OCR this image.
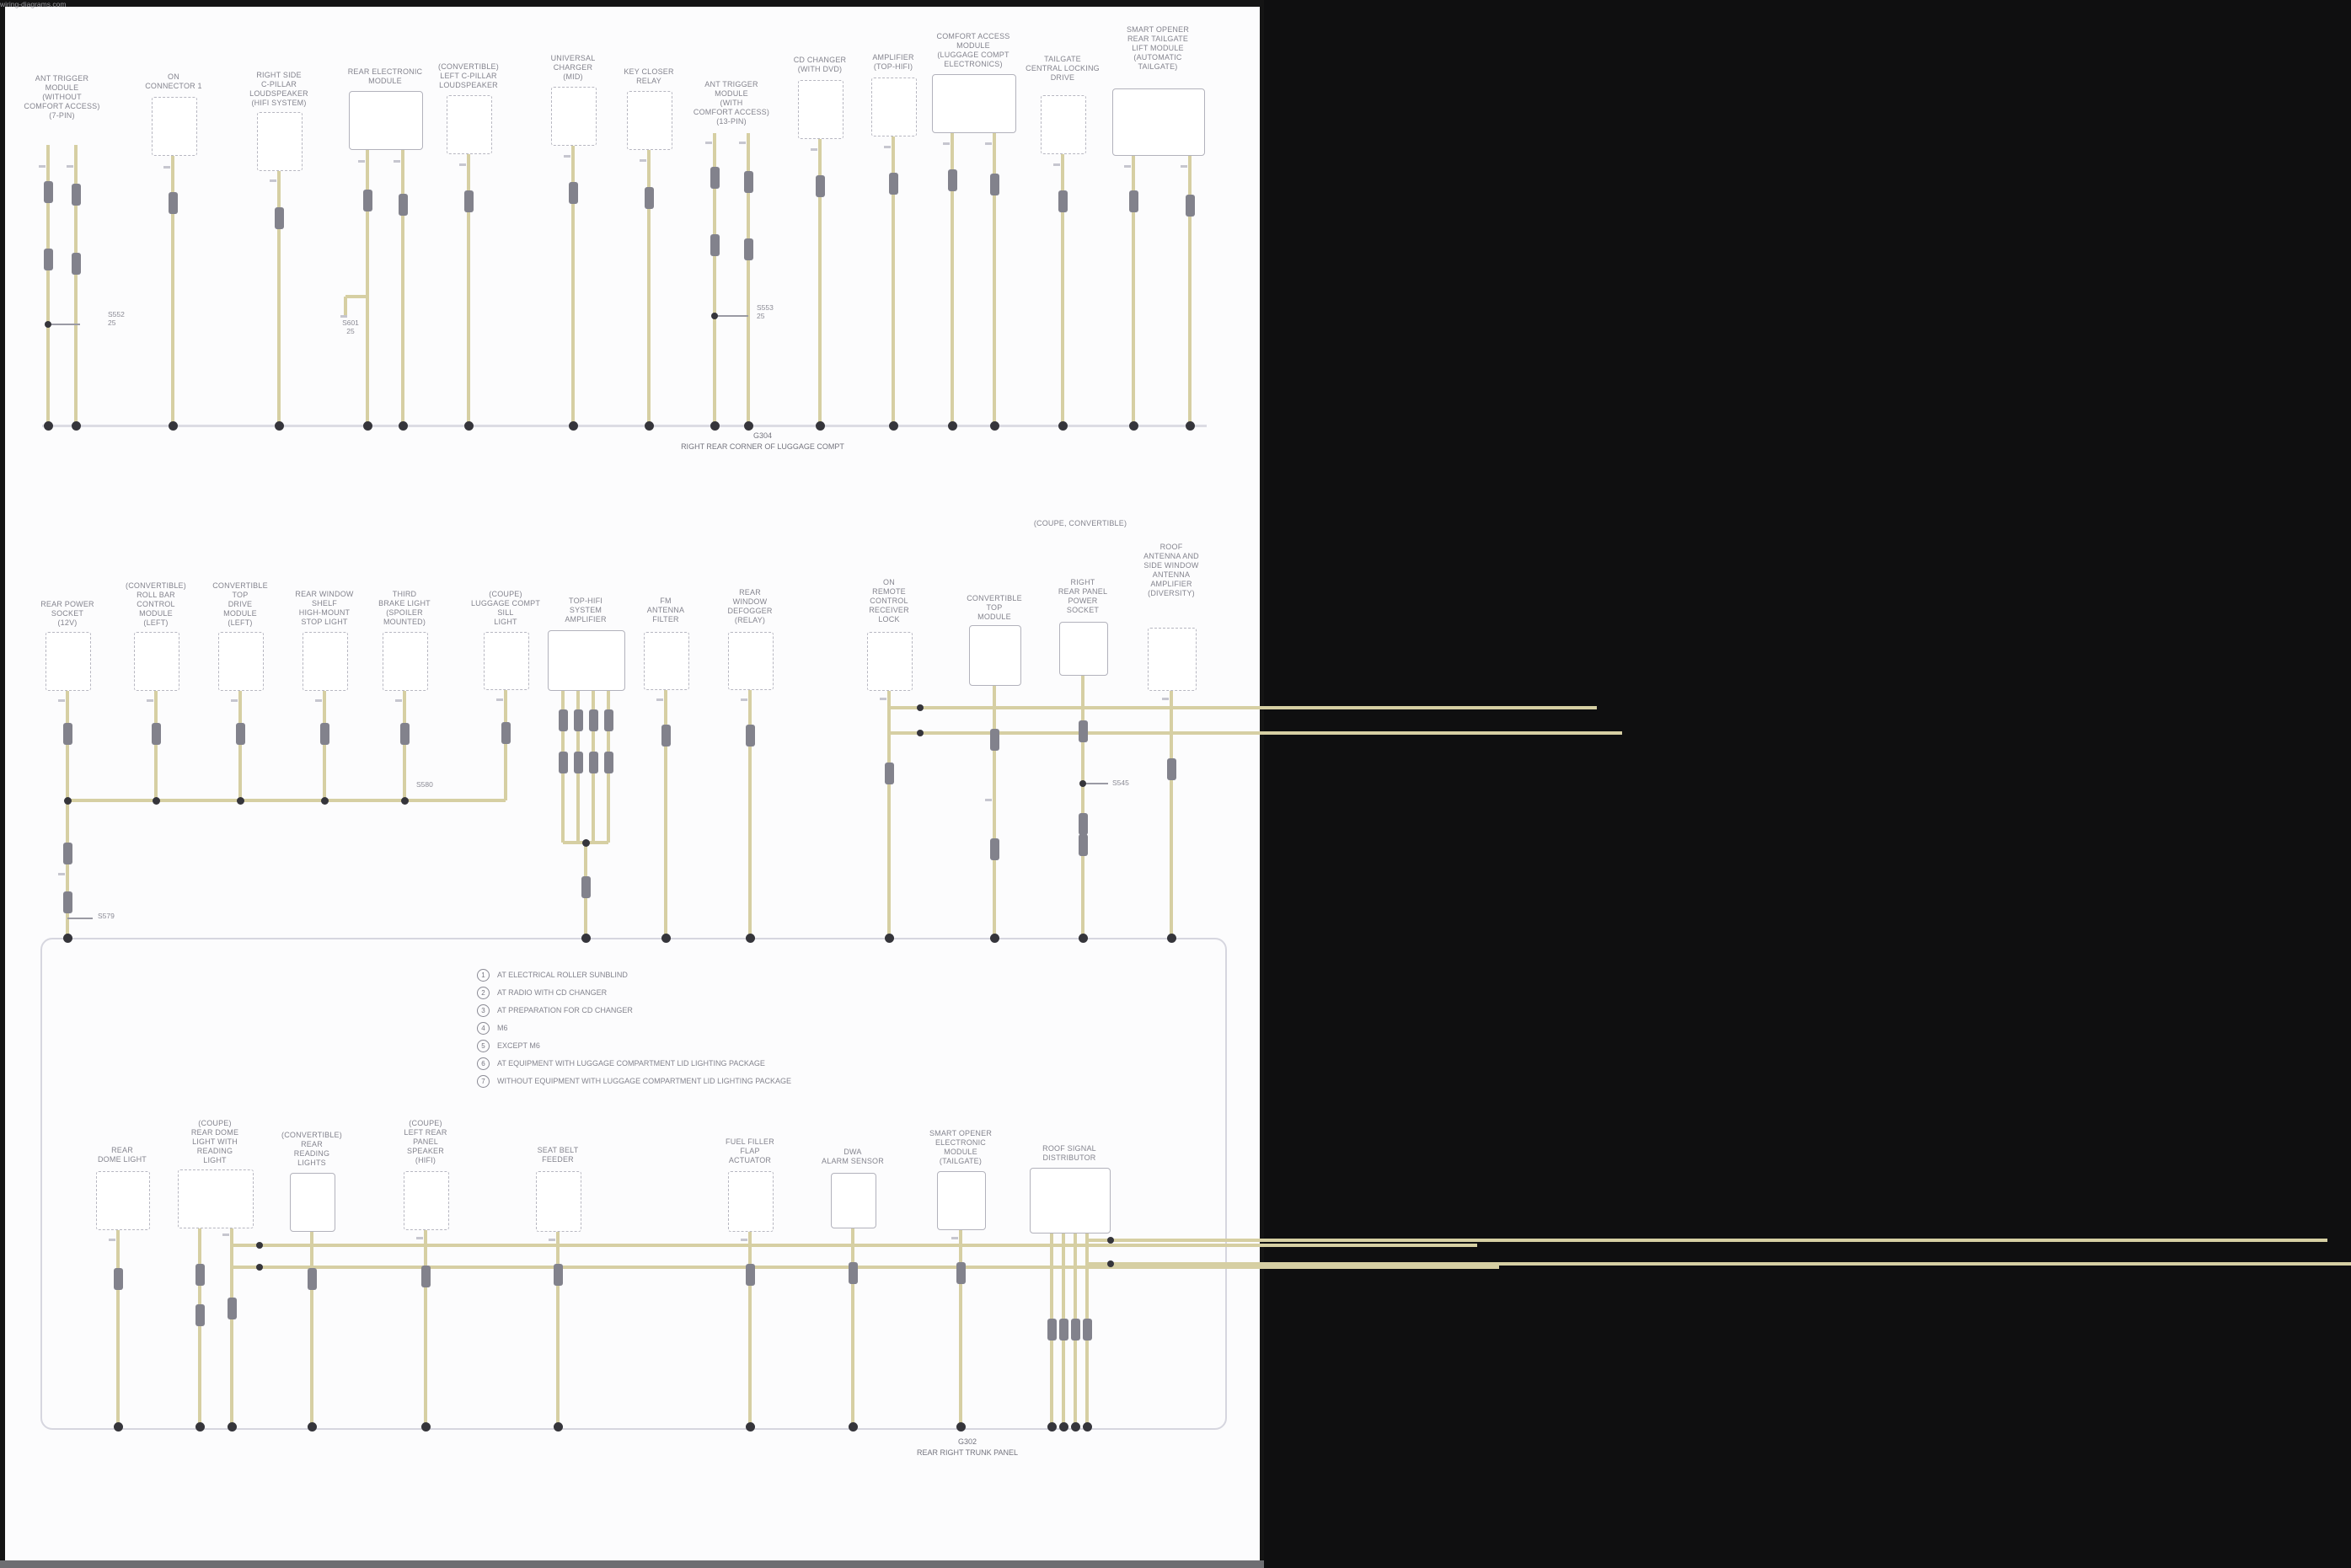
ANT TRIGGER
MODULE
(WITHOUT
COMFORT ACCESS)
(7-PIN)
S552
25
ON
CONNECTOR 1
RIGHT SIDE
C-PILLAR
LOUDSPEAKER
(HIFI SYSTEM)
REAR ELECTRONIC
MODULE
S601
25
(CONVERTIBLE)
LEFT C-PILLAR
LOUDSPEAKER
UNIVERSAL
CHARGER
(MID)
KEY CLOSER
RELAY	ANT TRIGGER
MODULE
(WITH
COMFORT ACCESS)
(13-PIN)
S553
25
CD CHANGER
(WITH DVD)
AMPLIFIER
(TOP-HIFI)
COMFORT ACCESS
MODULE
(LUGGAGE COMPT
ELECTRONICS)
TAILGATE
CENTRAL LOCKING
DRIVE
SMART OPENER
REAR TAILGATE
LIFT MODULE
(AUTOMATIC
TAILGATE)
G304
RIGHT REAR CORNER OF LUGGAGE COMPT
S579
S580
(COUPE, CONVERTIBLE)
REAR POWER
SOCKET
(12V)
(CONVERTIBLE)
ROLL BAR
CONTROL
MODULE
(LEFT)
CONVERTIBLE
TOP
DRIVE
MODULE
(LEFT)
REAR WINDOW
SHELF
HIGH-MOUNT
STOP LIGHT
THIRD
BRAKE LIGHT
(SPOILER
MOUNTED)
(COUPE)
LUGGAGE COMPT
SILL
LIGHT
TOP-HIFI
SYSTEM
AMPLIFIER
FM
ANTENNA
FILTER
REAR
WINDOW
DEFOGGER
(RELAY)
ON
REMOTE
CONTROL
RECEIVER
LOCK
CONVERTIBLE
TOP
MODULE
RIGHT
REAR PANEL
POWER
SOCKET
S545
ROOF
ANTENNA AND
SIDE WINDOW
ANTENNA
AMPLIFIER
(DIVERSITY)
REAR
DOME LIGHT
(COUPE)
REAR DOME
LIGHT WITH
READING
LIGHT
(CONVERTIBLE)
REAR
READING
LIGHTS
(COUPE)
LEFT REAR
PANEL
SPEAKER
(HIFI)
SEAT BELT
FEEDER
FUEL FILLER
FLAP
ACTUATOR
DWA
ALARM SENSOR
SMART OPENER
ELECTRONIC
MODULE
(TAILGATE)
ROOF SIGNAL
DISTRIBUTOR
G302
REAR RIGHT TRUNK PANEL
1	AT ELECTRICAL ROLLER SUNBLIND
2	AT RADIO WITH CD CHANGER
3	AT PREPARATION FOR CD CHANGER
4	M6
5	EXCEPT M6
6	AT EQUIPMENT WITH LUGGAGE COMPARTMENT LID LIGHTING PACKAGE
7	WITHOUT EQUIPMENT WITH LUGGAGE COMPARTMENT LID LIGHTING PACKAGE
wiring-diagrams.com
